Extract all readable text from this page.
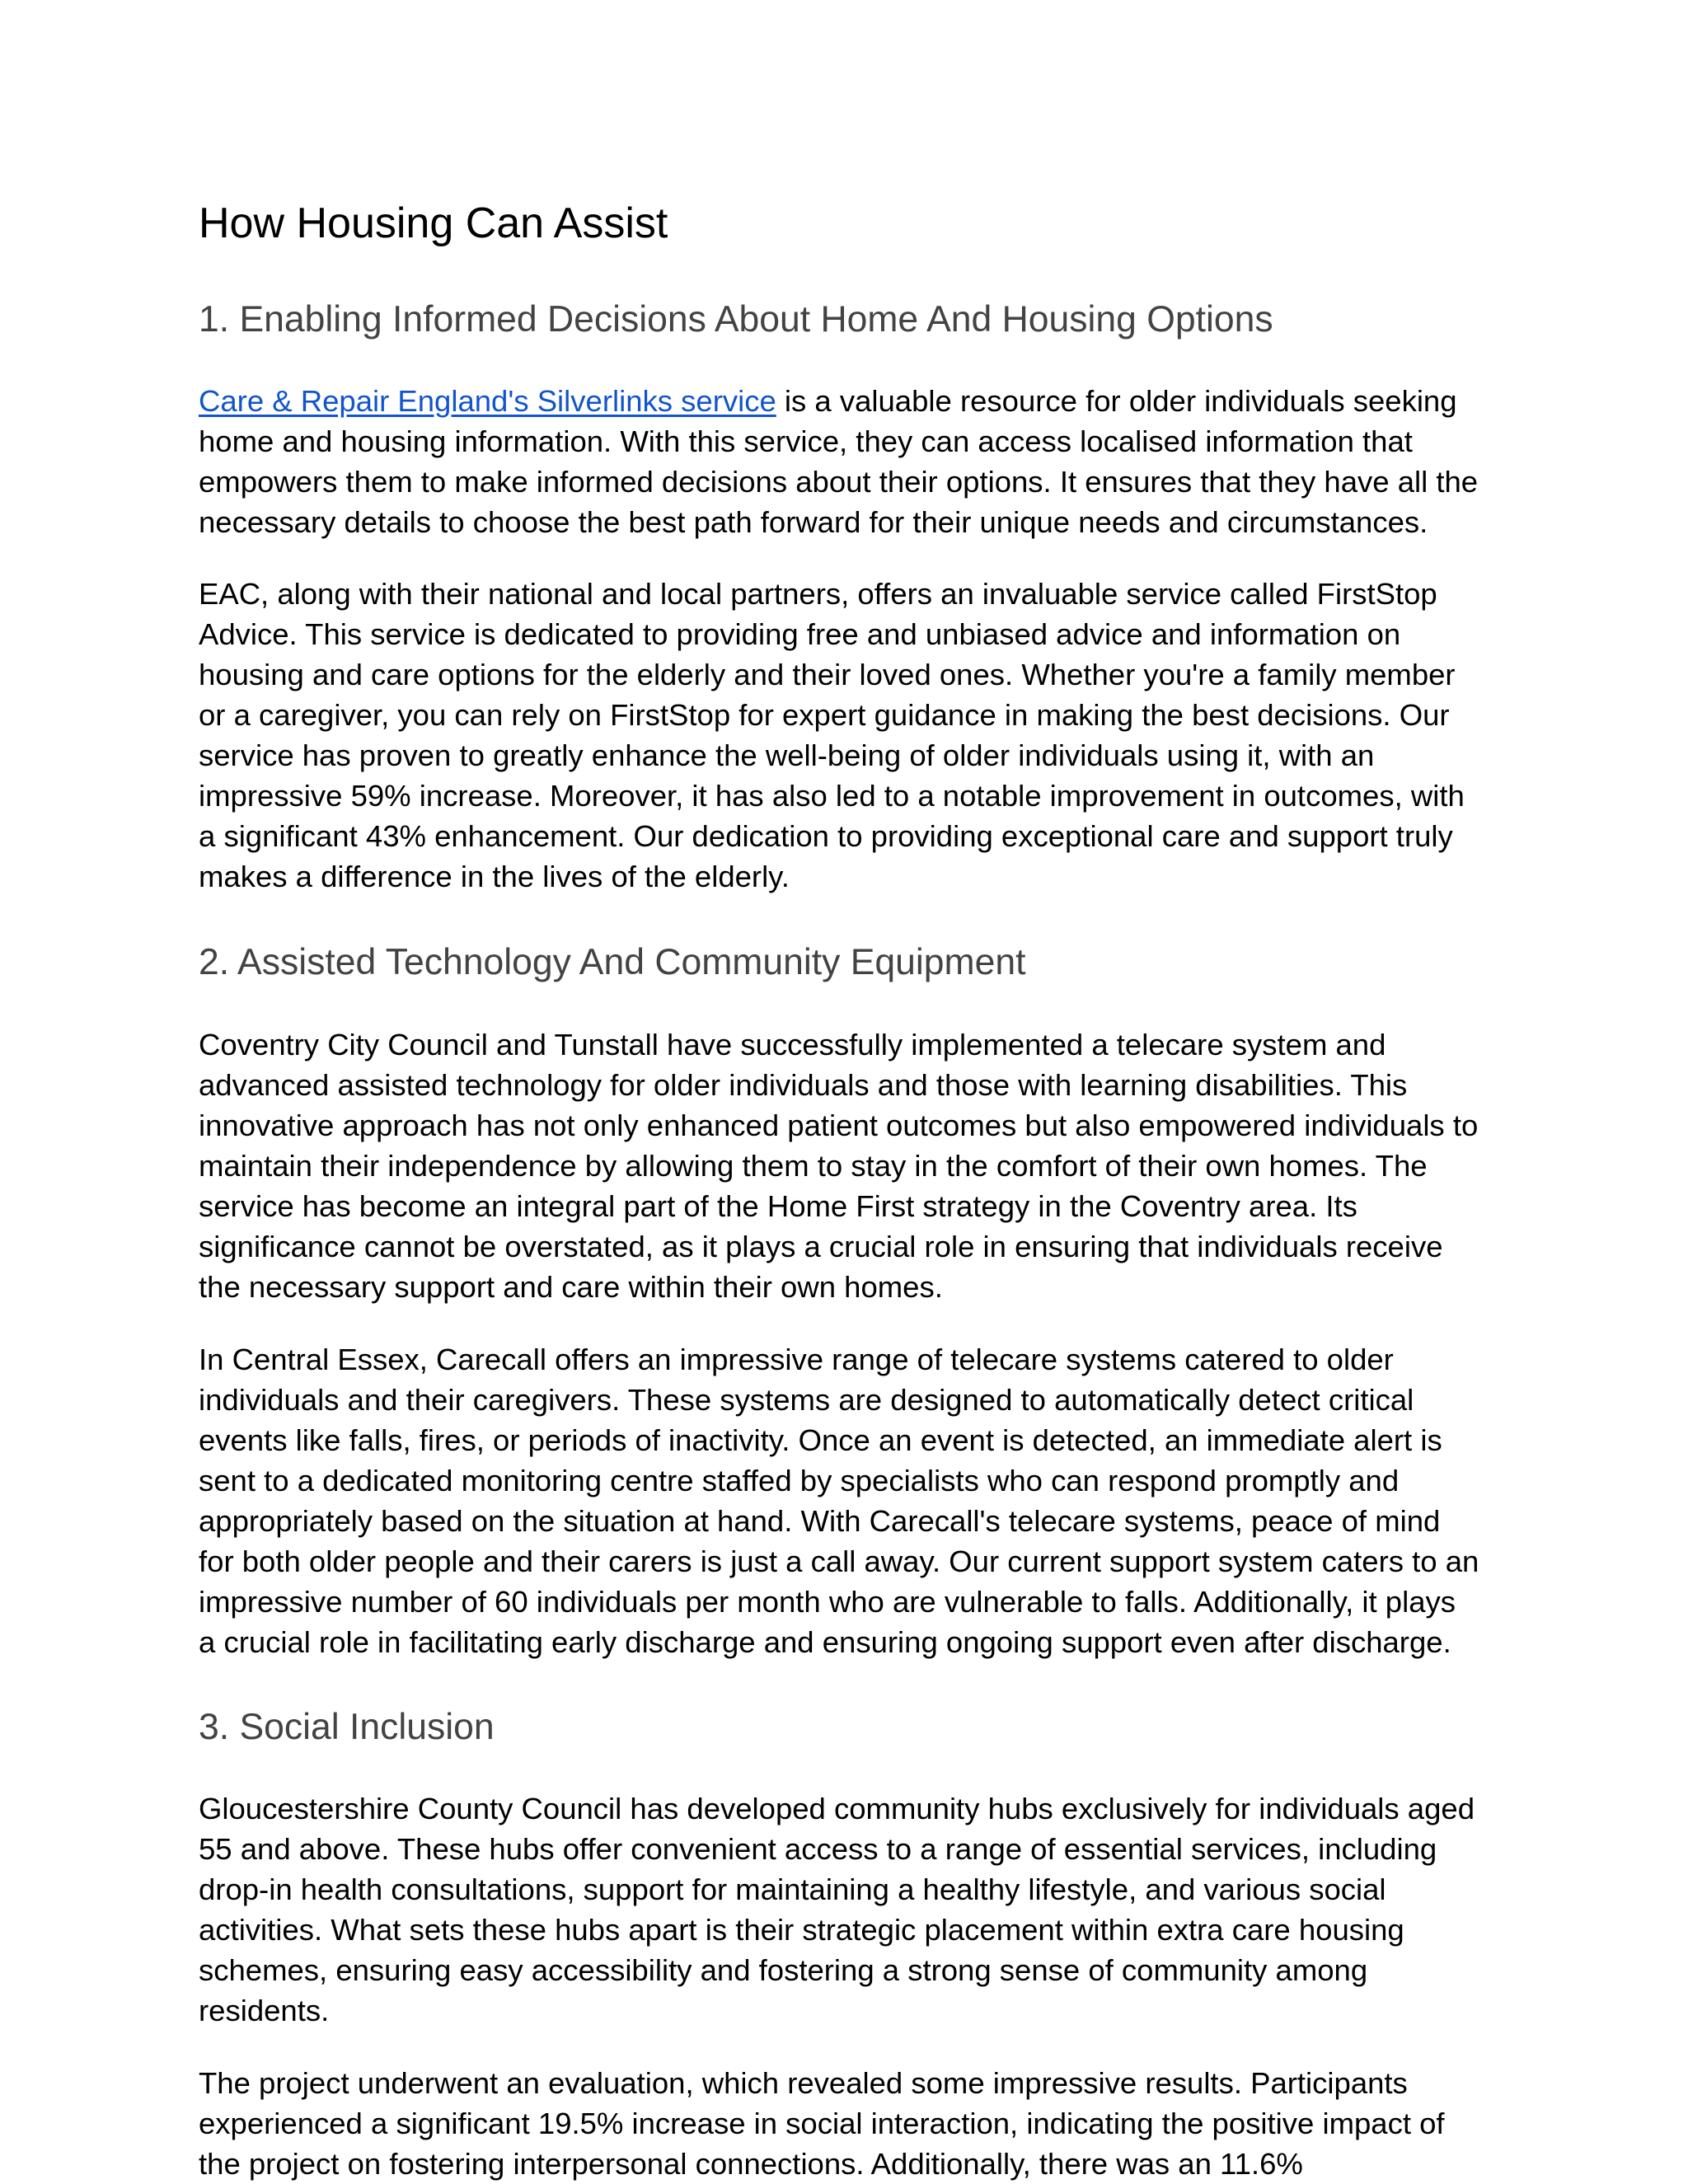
How Housing Can Assist
1. Enabling Informed Decisions About Home And Housing Options

Care & Repair England's Silverlinks service is a valuable resource for older individuals seeking
home and housing information. With this service, they can access localised information that
empowers them to make informed decisions about their options. It ensures that they have all the
necessary details to choose the best path forward for their unique needs and circumstances.

EAC, along with their national and local partners, offers an invaluable service called FirstStop
Advice. This service is dedicated to providing free and unbiased advice and information on
housing and care options for the elderly and their loved ones. Whether you're a family member
or a caregiver, you can rely on FirstStop for expert guidance in making the best decisions. Our
service has proven to greatly enhance the well-being of older individuals using it, with an
impressive 59% increase. Moreover, it has also led to a notable improvement in outcomes, with
a significant 43% enhancement. Our dedication to providing exceptional care and support truly
makes a difference in the lives of the elderly.

2. Assisted Technology And Community Equipment

Coventry City Council and Tunstall have successfully implemented a telecare system and
advanced assisted technology for older individuals and those with learning disabilities. This
innovative approach has not only enhanced patient outcomes but also empowered individuals to
maintain their independence by allowing them to stay in the comfort of their own homes. The
service has become an integral part of the Home First strategy in the Coventry area. Its
significance cannot be overstated, as it plays a crucial role in ensuring that individuals receive
the necessary support and care within their own homes.

In Central Essex, Carecall offers an impressive range of telecare systems catered to older
individuals and their caregivers. These systems are designed to automatically detect critical
events like falls, fires, or periods of inactivity. Once an event is detected, an immediate alert is
sent to a dedicated monitoring centre staffed by specialists who can respond promptly and
appropriately based on the situation at hand. With Carecall's telecare systems, peace of mind
for both older people and their carers is just a call away. Our current support system caters to an
impressive number of 60 individuals per month who are vulnerable to falls. Additionally, it plays
a crucial role in facilitating early discharge and ensuring ongoing support even after discharge.

3. Social Inclusion

Gloucestershire County Council has developed community hubs exclusively for individuals aged
55 and above. These hubs offer convenient access to a range of essential services, including
drop-in health consultations, support for maintaining a healthy lifestyle, and various social
activities. What sets these hubs apart is their strategic placement within extra care housing
schemes, ensuring easy accessibility and fostering a strong sense of community among
residents.

The project underwent an evaluation, which revealed some impressive results. Participants
experienced a significant 19.5% increase in social interaction, indicating the positive impact of
the project on fostering interpersonal connections. Additionally, there was an 11.6%
